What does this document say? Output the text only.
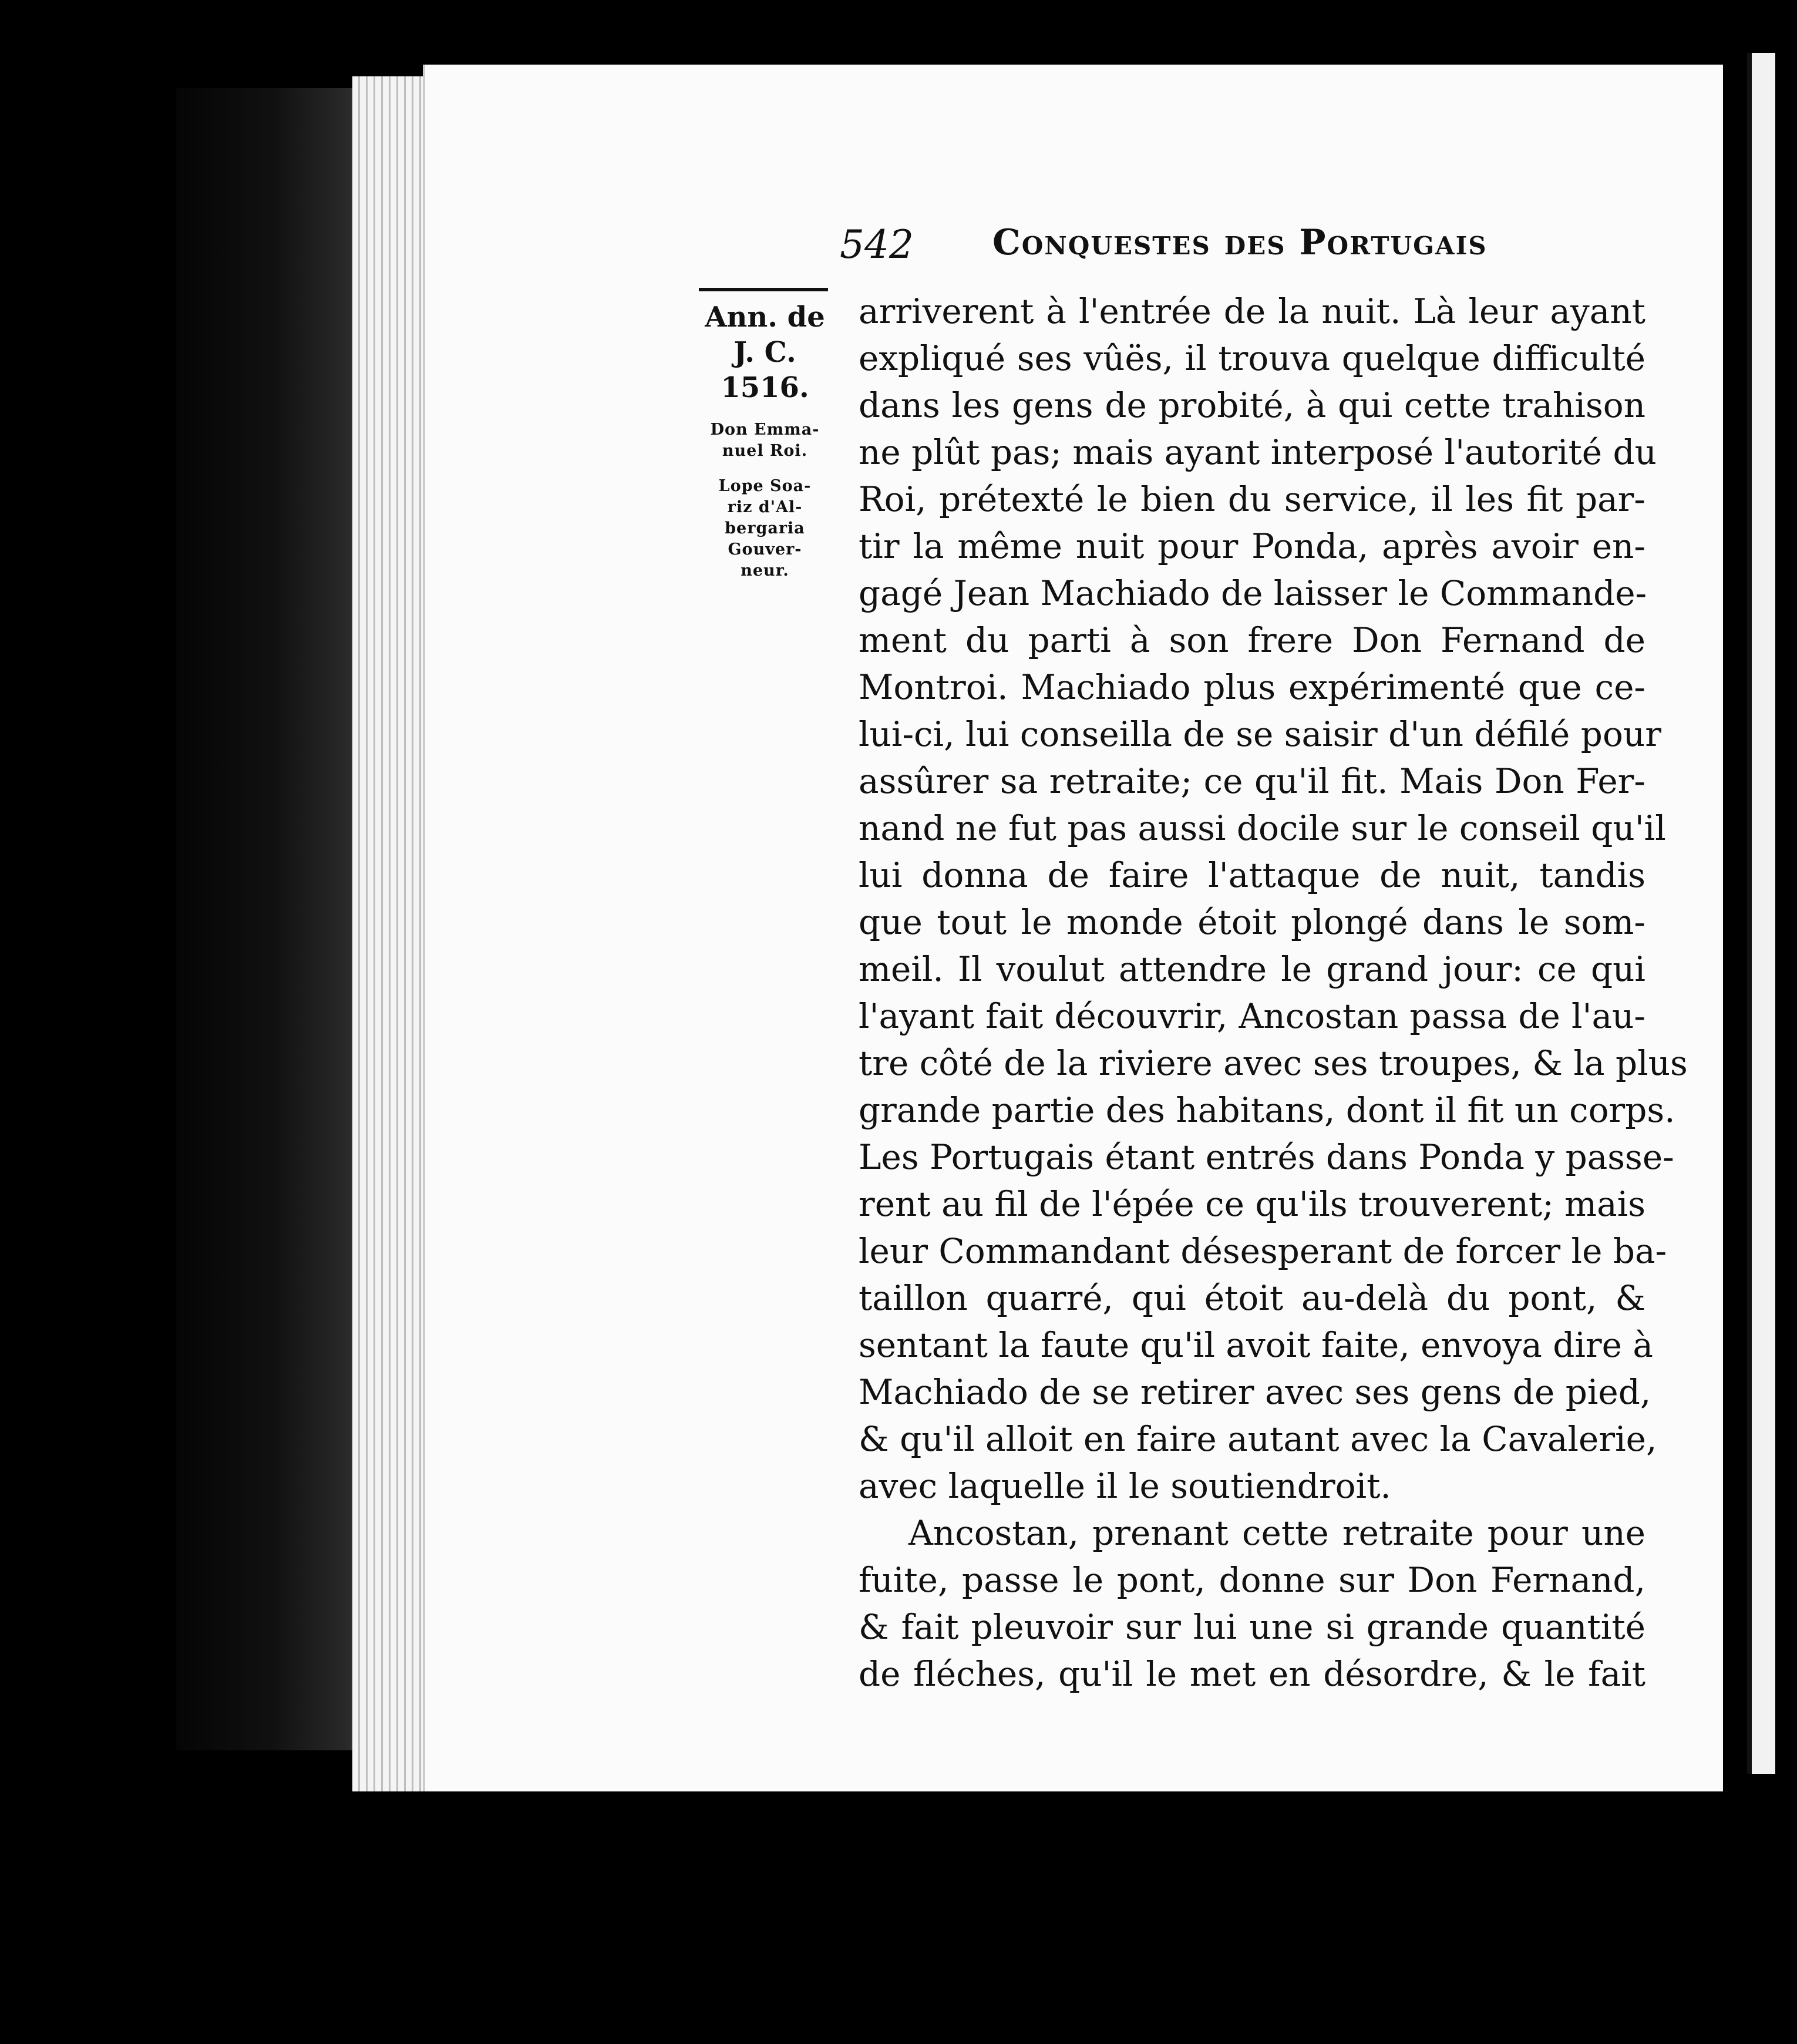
542 Conquestes des Portugais
Ann. de
J. C.
1516.
Don Emma-
nuel Roi.
Lope Soa-
riz d'Al-
bergaria
Gouver-
neur.

arriverent à l'entrée de la nuit. Là leur ayant
expliqué ses vûës, il trouva quelque difficulté
dans les gens de probité, à qui cette trahison
ne plût pas; mais ayant interposé l'autorité du
Roi, prétexté le bien du service, il les fit par-
tir la même nuit pour Ponda, après avoir en-
gagé Jean Machiado de laisser le Commande-
ment du parti à son frere Don Fernand de
Montroi. Machiado plus expérimenté que ce-
lui-ci, lui conseilla de se saisir d'un défilé pour
assûrer sa retraite; ce qu'il fit. Mais Don Fer-
nand ne fut pas aussi docile sur le conseil qu'il
lui donna de faire l'attaque de nuit, tandis
que tout le monde étoit plongé dans le som-
meil. Il voulut attendre le grand jour: ce qui
l'ayant fait découvrir, Ancostan passa de l'au-
tre côté de la riviere avec ses troupes, & la plus
grande partie des habitans, dont il fit un corps.
Les Portugais étant entrés dans Ponda y passe-
rent au fil de l'épée ce qu'ils trouverent; mais
leur Commandant désesperant de forcer le ba-
taillon quarré, qui étoit au-delà du pont, &
sentant la faute qu'il avoit faite, envoya dire à
Machiado de se retirer avec ses gens de pied,
& qu'il alloit en faire autant avec la Cavalerie,
avec laquelle il le soutiendroit.

Ancostan, prenant cette retraite pour une
fuite, passe le pont, donne sur Don Fernand,
& fait pleuvoir sur lui une si grande quantité
de fléches, qu'il le met en désordre, & le fait
